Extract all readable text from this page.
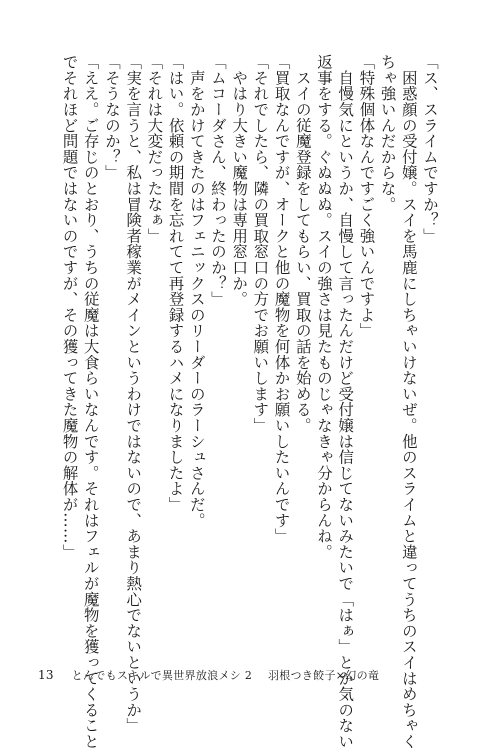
「ス、スライムですか？」
　困惑顔の受付嬢。スイを馬鹿にしちゃいけないぜ。他のスライムと違ってうちのスイはめちゃく
ちゃ強いんだからな。
「特殊個体なんですごく強いんですよ」
　自慢気にというか、自慢して言ったんだけど受付嬢は信じてないみたいで「はぁ」とか気のない
返事をする。ぐぬぬぬ。スイの強さは見たものじゃなきゃ分からんね。
　スイの従魔登録をしてもらい、買取の話を始める。
「買取なんですが、オークと他の魔物を何体かお願いしたいんです」
「それでしたら、隣の買取窓口の方でお願いします」
　やはり大きい魔物は専用窓口か。
「ムコーダさん、終わったのか？」
　声をかけてきたのはフェニックスのリーダーのラーシュさんだ。
「はい。依頼の期間を忘れてて再登録するハメになりましたよ」
「それは大変だったなぁ」
「実を言うと、私は冒険者稼業がメインというわけではないので、あまり熱心でないというか」
「そうなのか？」
「ええ。ご存じのとおり、うちの従魔は大食らいなんです。それはフェルが魔物を獲ってくること
でそれほど問題ではないのですが、その獲ってきた魔物の解体が……」
13 とんでもスキルで異世界放浪メシ 2 羽根つき餃子×幻の竜
